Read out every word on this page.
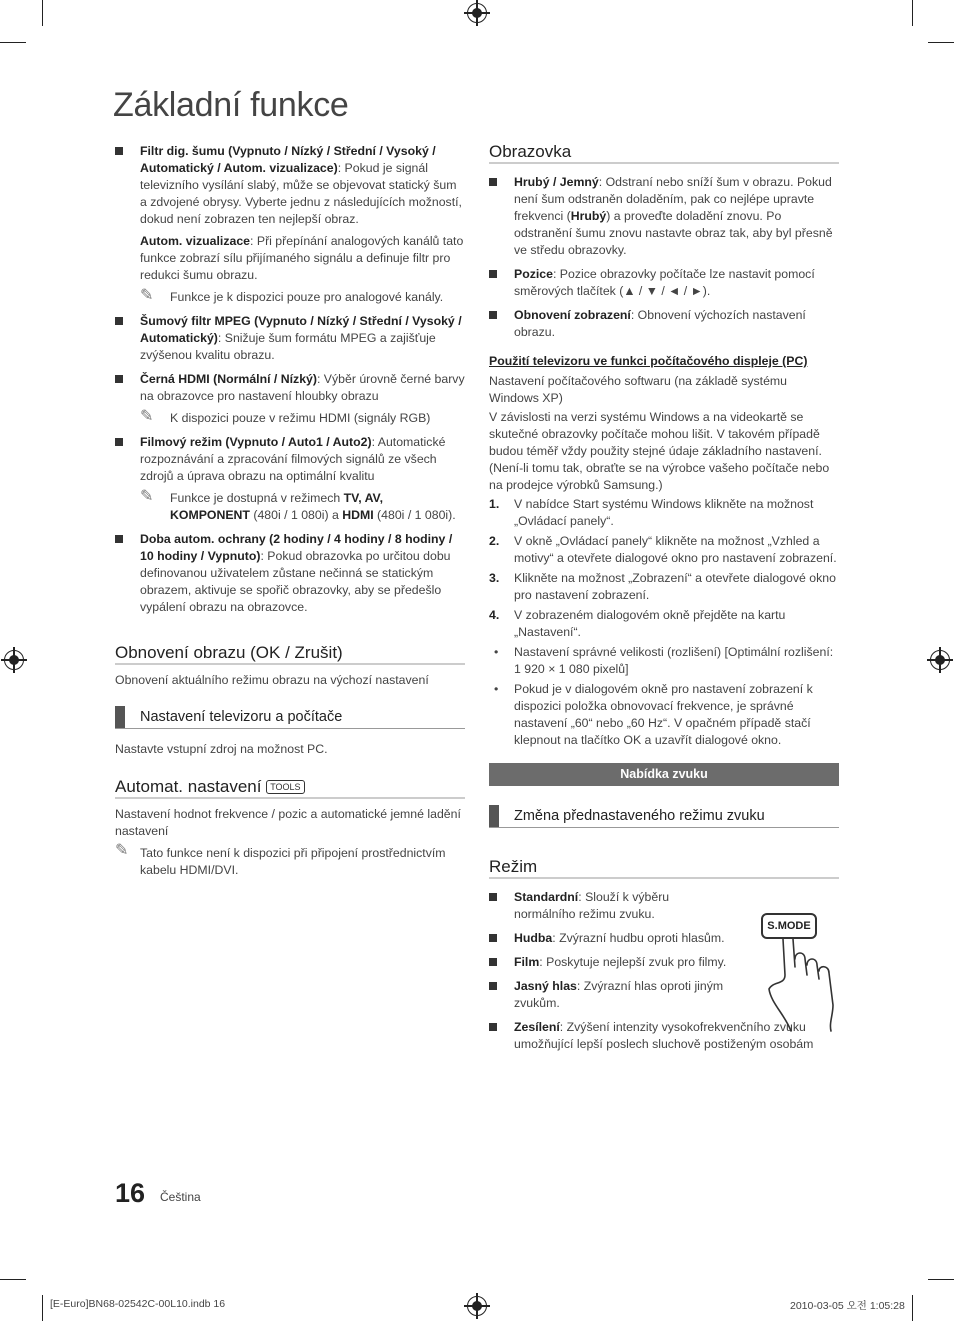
Základní funkce

Filtr dig. šumu (Vypnuto / Nízký / Střední / Vysoký / Automatický / Autom. vizualizace): Pokud je signál televizního vysílání slabý, může se objevovat statický šum a zdvojené obrysy. Vyberte jednu z následujících možností, dokud není zobrazen ten nejlepší obraz.

Autom. vizualizace: Při přepínání analogových kanálů tato funkce zobrazí sílu přijímaného signálu a definuje filtr pro redukci šumu obrazu.

✎ Funkce je k dispozici pouze pro analogové kanály.

Šumový filtr MPEG (Vypnuto / Nízký / Střední / Vysoký / Automatický): Snižuje šum formátu MPEG a zajišťuje zvýšenou kvalitu obrazu.

Černá HDMI (Normální / Nízký): Výběr úrovně černé barvy na obrazovce pro nastavení hloubky obrazu

✎ K dispozici pouze v režimu HDMI (signály RGB)

Filmový režim (Vypnuto / Auto1 / Auto2): Automatické rozpoznávání a zpracování filmových signálů ze všech zdrojů a úprava obrazu na optimální kvalitu

✎ Funkce je dostupná v režimech TV, AV, KOMPONENT (480i / 1 080i) a HDMI (480i / 1 080i).

Doba autom. ochrany (2 hodiny / 4 hodiny / 8 hodiny / 10 hodiny / Vypnuto): Pokud obrazovka po určitou dobu definovanou uživatelem zůstane nečinná se statickým obrazem, aktivuje se spořič obrazovky, aby se předešlo vypálení obrazu na obrazovce.

Obnovení obrazu (OK / Zrušit)

Obnovení aktuálního režimu obrazu na výchozí nastavení

Nastavení televizoru a počítače

Nastavte vstupní zdroj na možnost PC.

Automat. nastavení TOOLS

Nastavení hodnot frekvence / pozic a automatické jemné ladění nastavení

✎ Tato funkce není k dispozici při připojení prostřednictvím kabelu HDMI/DVI.
Obrazovka

Hrubý / Jemný: Odstraní nebo sníží šum v obrazu. Pokud není šum odstraněn doladěním, pak co nejlépe upravte frekvenci (Hrubý) a proveďte doladění znovu. Po odstranění šumu znovu nastavte obraz tak, aby byl přesně ve středu obrazovky.

Pozice: Pozice obrazovky počítače lze nastavit pomocí směrových tlačítek (▲ / ▼ / ◄ / ►).

Obnovení zobrazení: Obnovení výchozích nastavení obrazu.

Použití televizoru ve funkci počítačového displeje (PC)

Nastavení počítačového softwaru (na základě systému Windows XP)

V závislosti na verzi systému Windows a na videokartě se skutečné obrazovky počítače mohou lišit. V takovém případě budou téměř vždy použity stejné údaje základního nastavení. (Není-li tomu tak, obraťte se na výrobce vašeho počítače nebo na prodejce výrobků Samsung.)

1. V nabídce Start systému Windows klikněte na možnost „Ovládací panely“.
2. V okně „Ovládací panely“ klikněte na možnost „Vzhled a motivy“ a otevřete dialogové okno pro nastavení zobrazení.
3. Klikněte na možnost „Zobrazení“ a otevřete dialogové okno pro nastavení zobrazení.
4. V zobrazeném dialogovém okně přejděte na kartu „Nastavení“.
• Nastavení správné velikosti (rozlišení) [Optimální rozlišení: 1 920 × 1 080 pixelů]
• Pokud je v dialogovém okně pro nastavení zobrazení k dispozici položka obnovovací frekvence, je správné nastavení „60“ nebo „60 Hz“. V opačném případě stačí klepnout na tlačítko OK a uzavřít dialogové okno.
Nabídka zvuku
Změna přednastaveného režimu zvuku
Režim

Standardní: Slouží k výběru normálního režimu zvuku.

Hudba: Zvýrazní hudbu oproti hlasům.

Film: Poskytuje nejlepší zvuk pro filmy.

Jasný hlas: Zvýrazní hlas oproti jiným zvukům.

Zesílení: Zvýšení intenzity vysokofrekvenčního zvuku umožňující lepší poslech sluchově postiženým osobám

S.MODE
16 Čeština
[E-Euro]BN68-02542C-00L10.indb 16	2010-03-05 오전 1:05:28
